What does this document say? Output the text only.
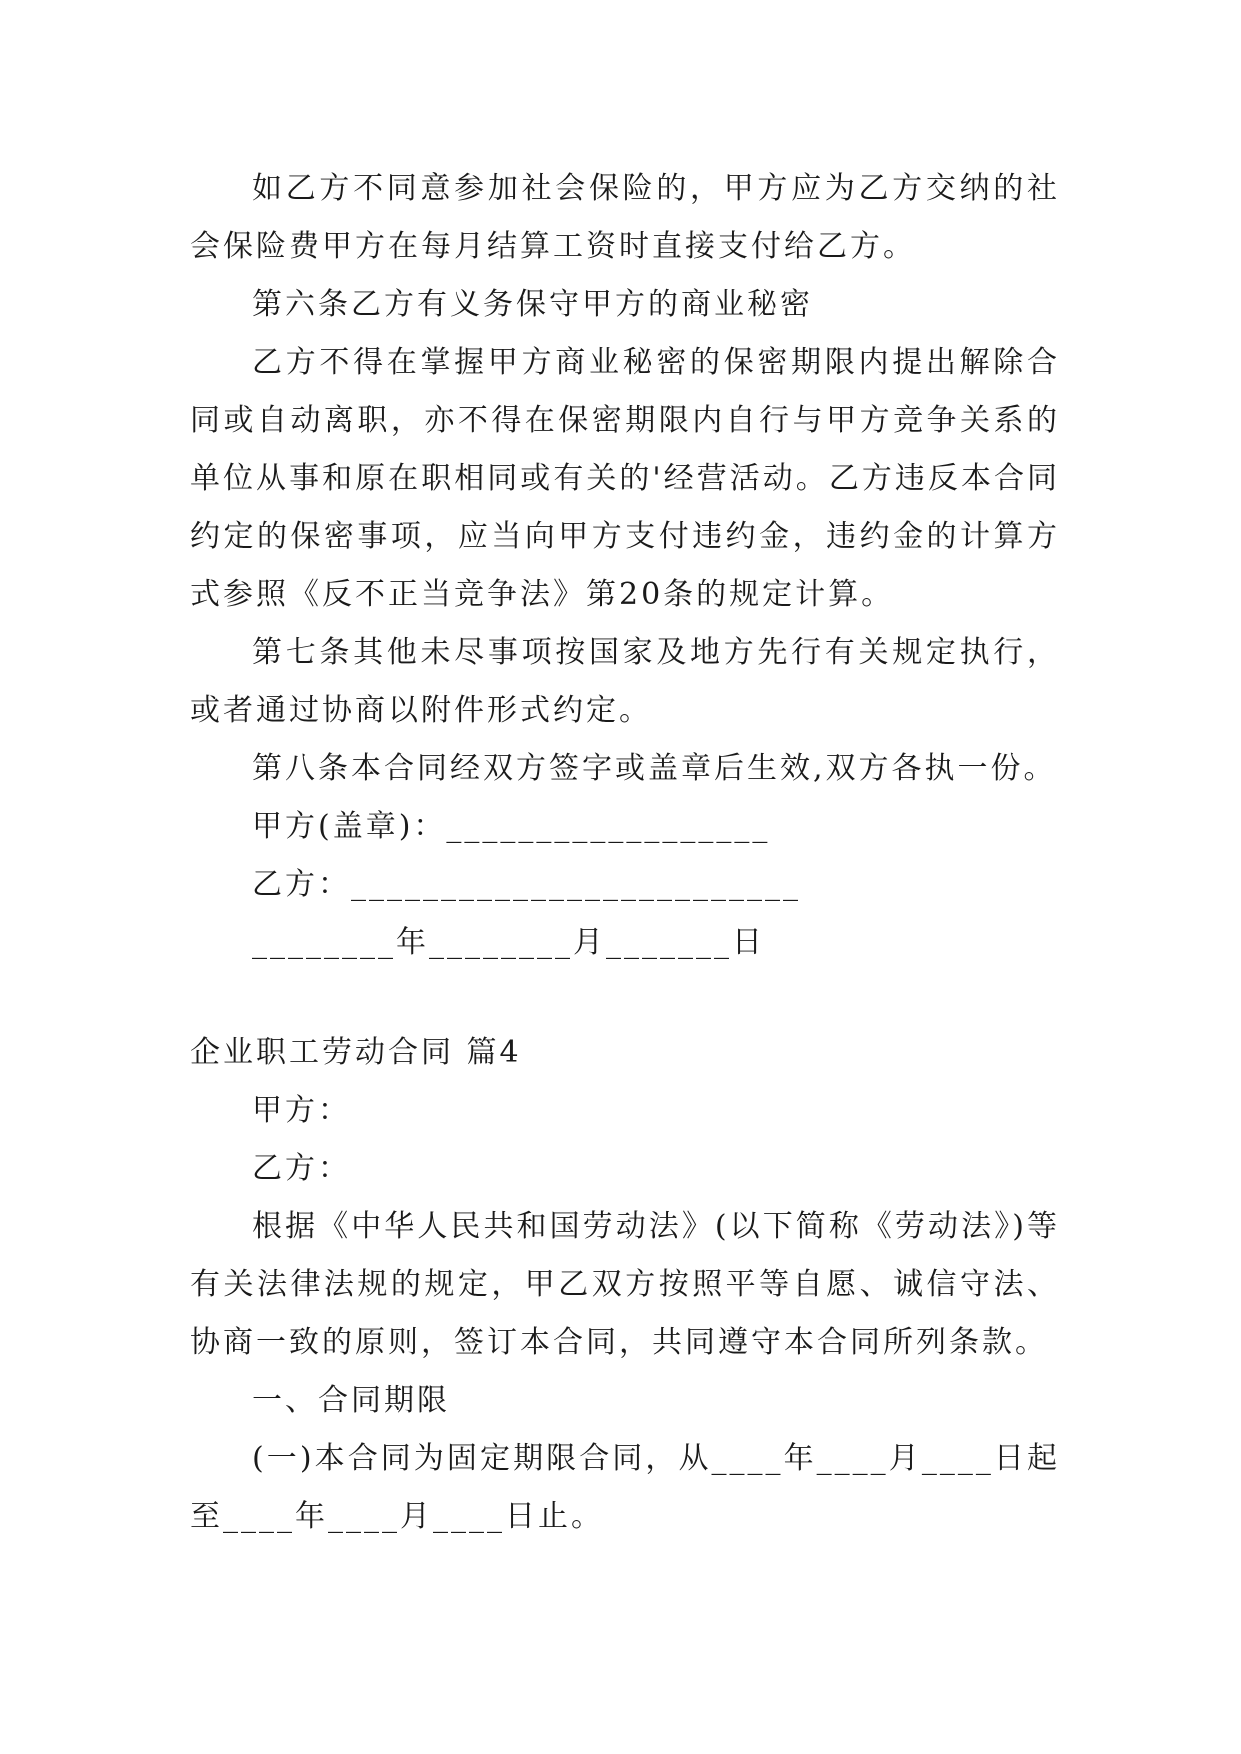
如乙方不同意参加社会保险的，甲方应为乙方交纳的社会保险费甲方在每月结算工资时直接支付给乙方。

第六条乙方有义务保守甲方的商业秘密

乙方不得在掌握甲方商业秘密的保密期限内提出解除合同或自动离职，亦不得在保密期限内自行与甲方竞争关系的单位从事和原在职相同或有关的'经营活动。乙方违反本合同约定的保密事项，应当向甲方支付违约金，违约金的计算方式参照《反不正当竞争法》第20条的规定计算。

第七条其他未尽事项按国家及地方先行有关规定执行，或者通过协商以附件形式约定。

第八条本合同经双方签字或盖章后生效,双方各执一份。

甲方(盖章)：__________________

乙方：_________________________

________年________月_______日

企业职工劳动合同 篇4

甲方：

乙方：

根据《中华人民共和国劳动法》(以下简称《劳动法》)等有关法律法规的规定，甲乙双方按照平等自愿、诚信守法、协商一致的原则，签订本合同，共同遵守本合同所列条款。

一、合同期限

(一)本合同为固定期限合同，从____年____月____日起至____年____月____日止。
